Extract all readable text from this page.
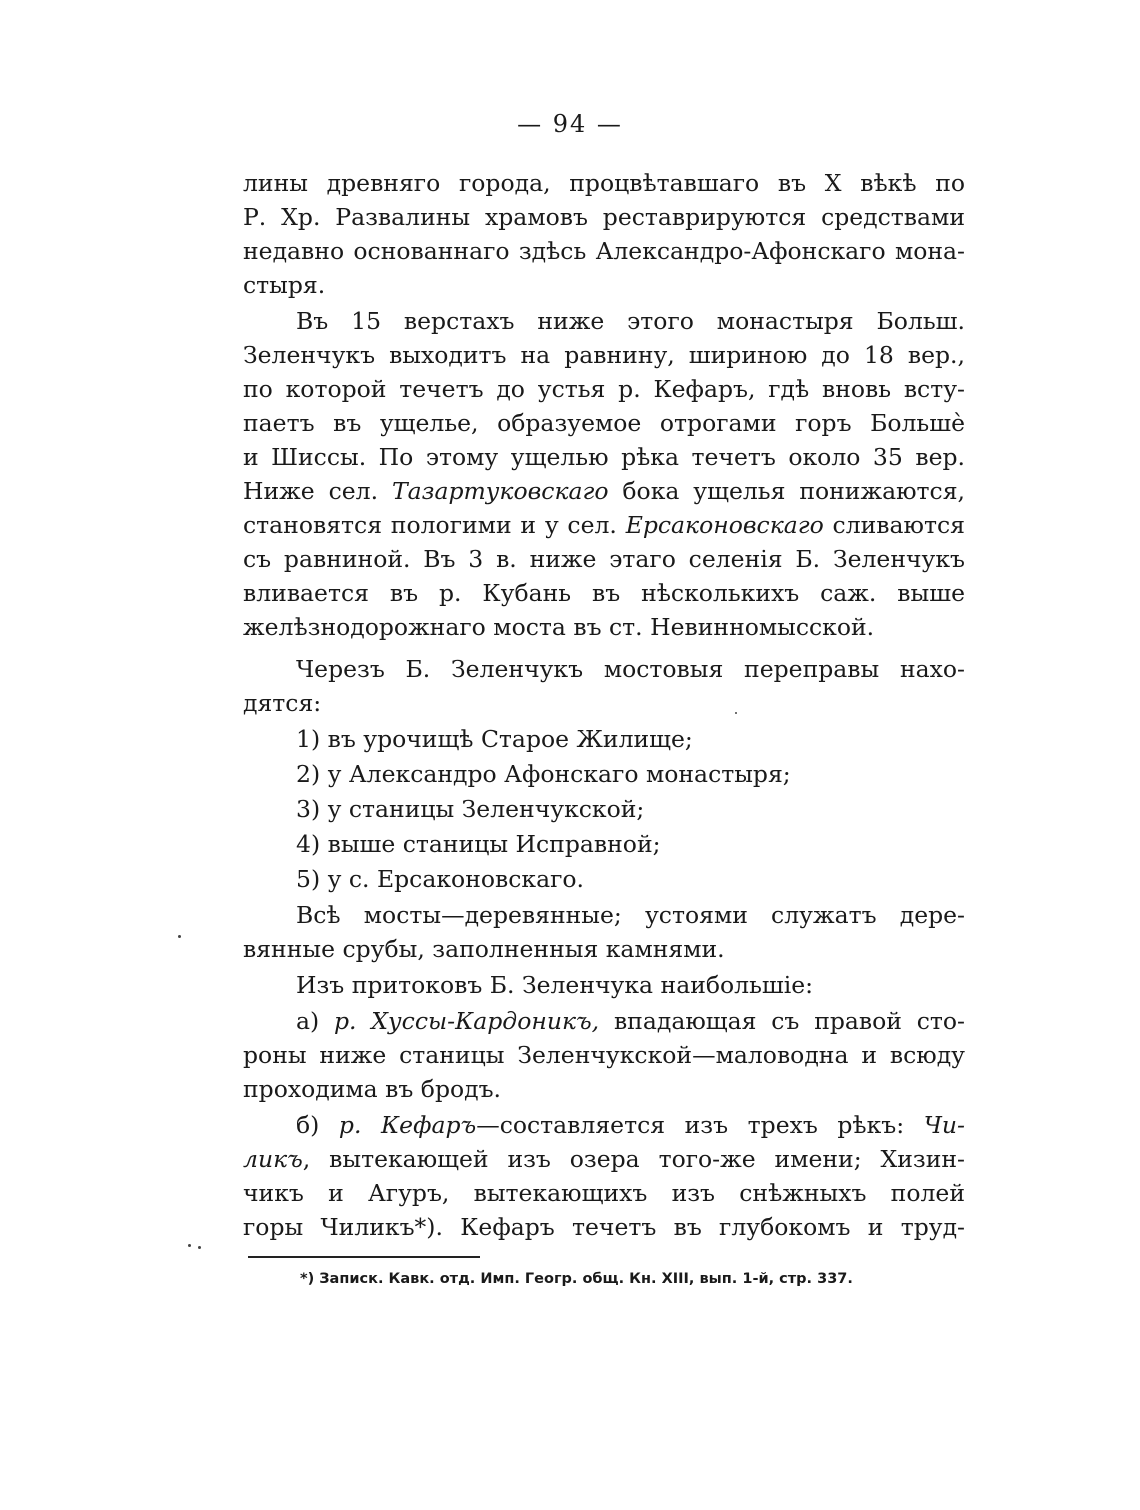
— 94 —
лины древняго города, процвѣтавшаго въ X вѣкѣ по
Р. Хр. Развалины храмовъ реставрируются средствами
недавно основаннаго здѣсь Александро-Афонскаго мона-
стыря.
Въ 15 верстахъ ниже этого монастыря Больш.
Зеленчукъ выходитъ на равнину, шириною до 18 вер.,
по которой течетъ до устья р. Кефаръ, гдѣ вновь всту-
паетъ въ ущелье, образуемое отрогами горъ Большѐ
и Шиссы. По этому ущелью рѣка течетъ около 35 вер.
Ниже сел. Тазартуковскаго бока ущелья понижаются,
становятся пологими и у сел. Ерсаконовскаго сливаются
съ равниной. Въ 3 в. ниже этаго селенія Б. Зеленчукъ
вливается въ р. Кубань въ нѣсколькихъ саж. выше
желѣзнодорожнаго моста въ ст. Невинномысской.
Черезъ Б. Зеленчукъ мостовыя переправы нахо-
дятся:
1) въ урочищѣ Старое Жилище;
2) у Александро Афонскаго монастыря;
3) у станицы Зеленчукской;
4) выше станицы Исправной;
5) у с. Ерсаконовскаго.
Всѣ мосты—деревянные; устоями служатъ дере-
вянные срубы, заполненныя камнями.
Изъ притоковъ Б. Зеленчука наибольшіе:
а) р. Хуссы-Кардоникъ, впадающая съ правой сто-
роны ниже станицы Зеленчукской—маловодна и всюду
проходима въ бродъ.
б) р. Кефаръ—составляется изъ трехъ рѣкъ: Чи-
ликъ, вытекающей изъ озера того-же имени; Хизин-
чикъ и Агуръ, вытекающихъ изъ снѣжныхъ полей
горы Чиликъ*). Кефаръ течетъ въ глубокомъ и труд-
*) Записк. Кавк. отд. Имп. Геогр. общ. Кн. XIII, вып. 1-й, стр. 337.
